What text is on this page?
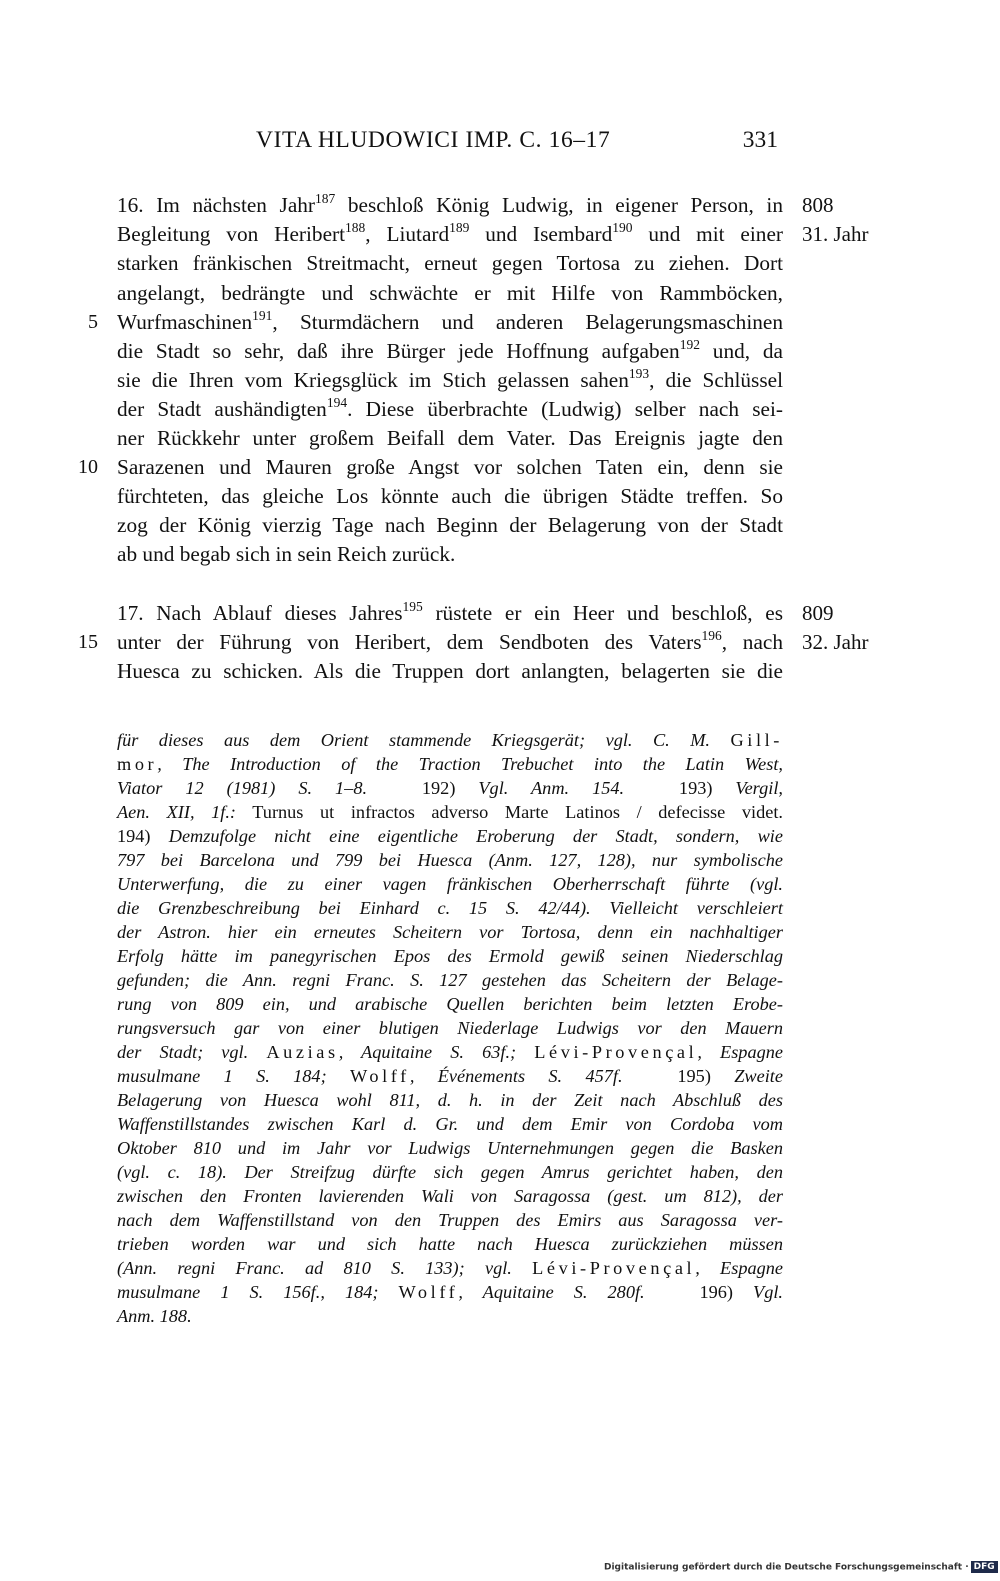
VITA HLUDOWICI IMP. C. 16–17	331
808
31. Jahr
809
32. Jahr
5
10
15
16. Im nächsten Jahr$^{187}$ beschloß König Ludwig, in eigener Person, in
Begleitung von Heribert$^{188}$, Liutard$^{189}$ und Isembard$^{190}$ und mit einer
starken fränkischen Streitmacht, erneut gegen Tortosa zu ziehen. Dort
angelangt, bedrängte und schwächte er mit Hilfe von Rammböcken,
Wurfmaschinen$^{191}$, Sturmdächern und anderen Belagerungsmaschinen
die Stadt so sehr, daß ihre Bürger jede Hoffnung aufgaben$^{192}$ und, da
sie die Ihren vom Kriegsglück im Stich gelassen sahen$^{193}$, die Schlüssel
der Stadt aushändigten$^{194}$. Diese überbrachte (Ludwig) selber nach sei-
ner Rückkehr unter großem Beifall dem Vater. Das Ereignis jagte den
Sarazenen und Mauren große Angst vor solchen Taten ein, denn sie
fürchteten, das gleiche Los könnte auch die übrigen Städte treffen. So
zog der König vierzig Tage nach Beginn der Belagerung von der Stadt
ab und begab sich in sein Reich zurück.
17. Nach Ablauf dieses Jahres$^{195}$ rüstete er ein Heer und beschloß, es
unter der Führung von Heribert, dem Sendboten des Vaters$^{196}$, nach
Huesca zu schicken. Als die Truppen dort anlangten, belagerten sie die
für dieses aus dem Orient stammende Kriegsgerät; vgl. C. M. Gill-
mor, The Introduction of the Traction Trebuchet into the Latin West,
Viator 12 (1981) S. 1–8.   	192) Vgl. Anm. 154.   	193) Vergil,
Aen. XII, 1f.: Turnus ut infractos adverso Marte Latinos / defecisse videt.
194) Demzufolge nicht eine eigentliche Eroberung der Stadt, sondern, wie
797 bei Barcelona und 799 bei Huesca (Anm. 127, 128), nur symbolische
Unterwerfung, die zu einer vagen fränkischen Oberherrschaft führte (vgl.
die Grenzbeschreibung bei Einhard c. 15 S. 42/44). Vielleicht verschleiert
der Astron. hier ein erneutes Scheitern vor Tortosa, denn ein nachhaltiger
Erfolg hätte im panegyrischen Epos des Ermold gewiß seinen Niederschlag
gefunden; die Ann. regni Franc. S. 127 gestehen das Scheitern der Belage-
rung von 809 ein, und arabische Quellen berichten beim letzten Erobe-
rungsversuch gar von einer blutigen Niederlage Ludwigs vor den Mauern
der Stadt; vgl. Auzias, Aquitaine S. 63f.; Lévi-Provençal, Espagne
musulmane 1 S. 184; Wolff, Événements S. 457f.   	195) Zweite
Belagerung von Huesca wohl 811, d. h. in der Zeit nach Abschluß des
Waffenstillstandes zwischen Karl d. Gr. und dem Emir von Cordoba vom
Oktober 810 und im Jahr vor Ludwigs Unternehmungen gegen die Basken
(vgl. c. 18). Der Streifzug dürfte sich gegen Amrus gerichtet haben, den
zwischen den Fronten lavierenden Wali von Saragossa (gest. um 812), der
nach dem Waffenstillstand von den Truppen des Emirs aus Saragossa ver-
trieben worden war und sich hatte nach Huesca zurückziehen müssen
(Ann. regni Franc. ad 810 S. 133); vgl. Lévi-Provençal, Espagne
musulmane 1 S. 156f., 184; Wolff, Aquitaine S. 280f.   	196) Vgl.
Anm. 188.
Digitalisierung gefördert durch die Deutsche Forschungsgemeinschaft · DFG
